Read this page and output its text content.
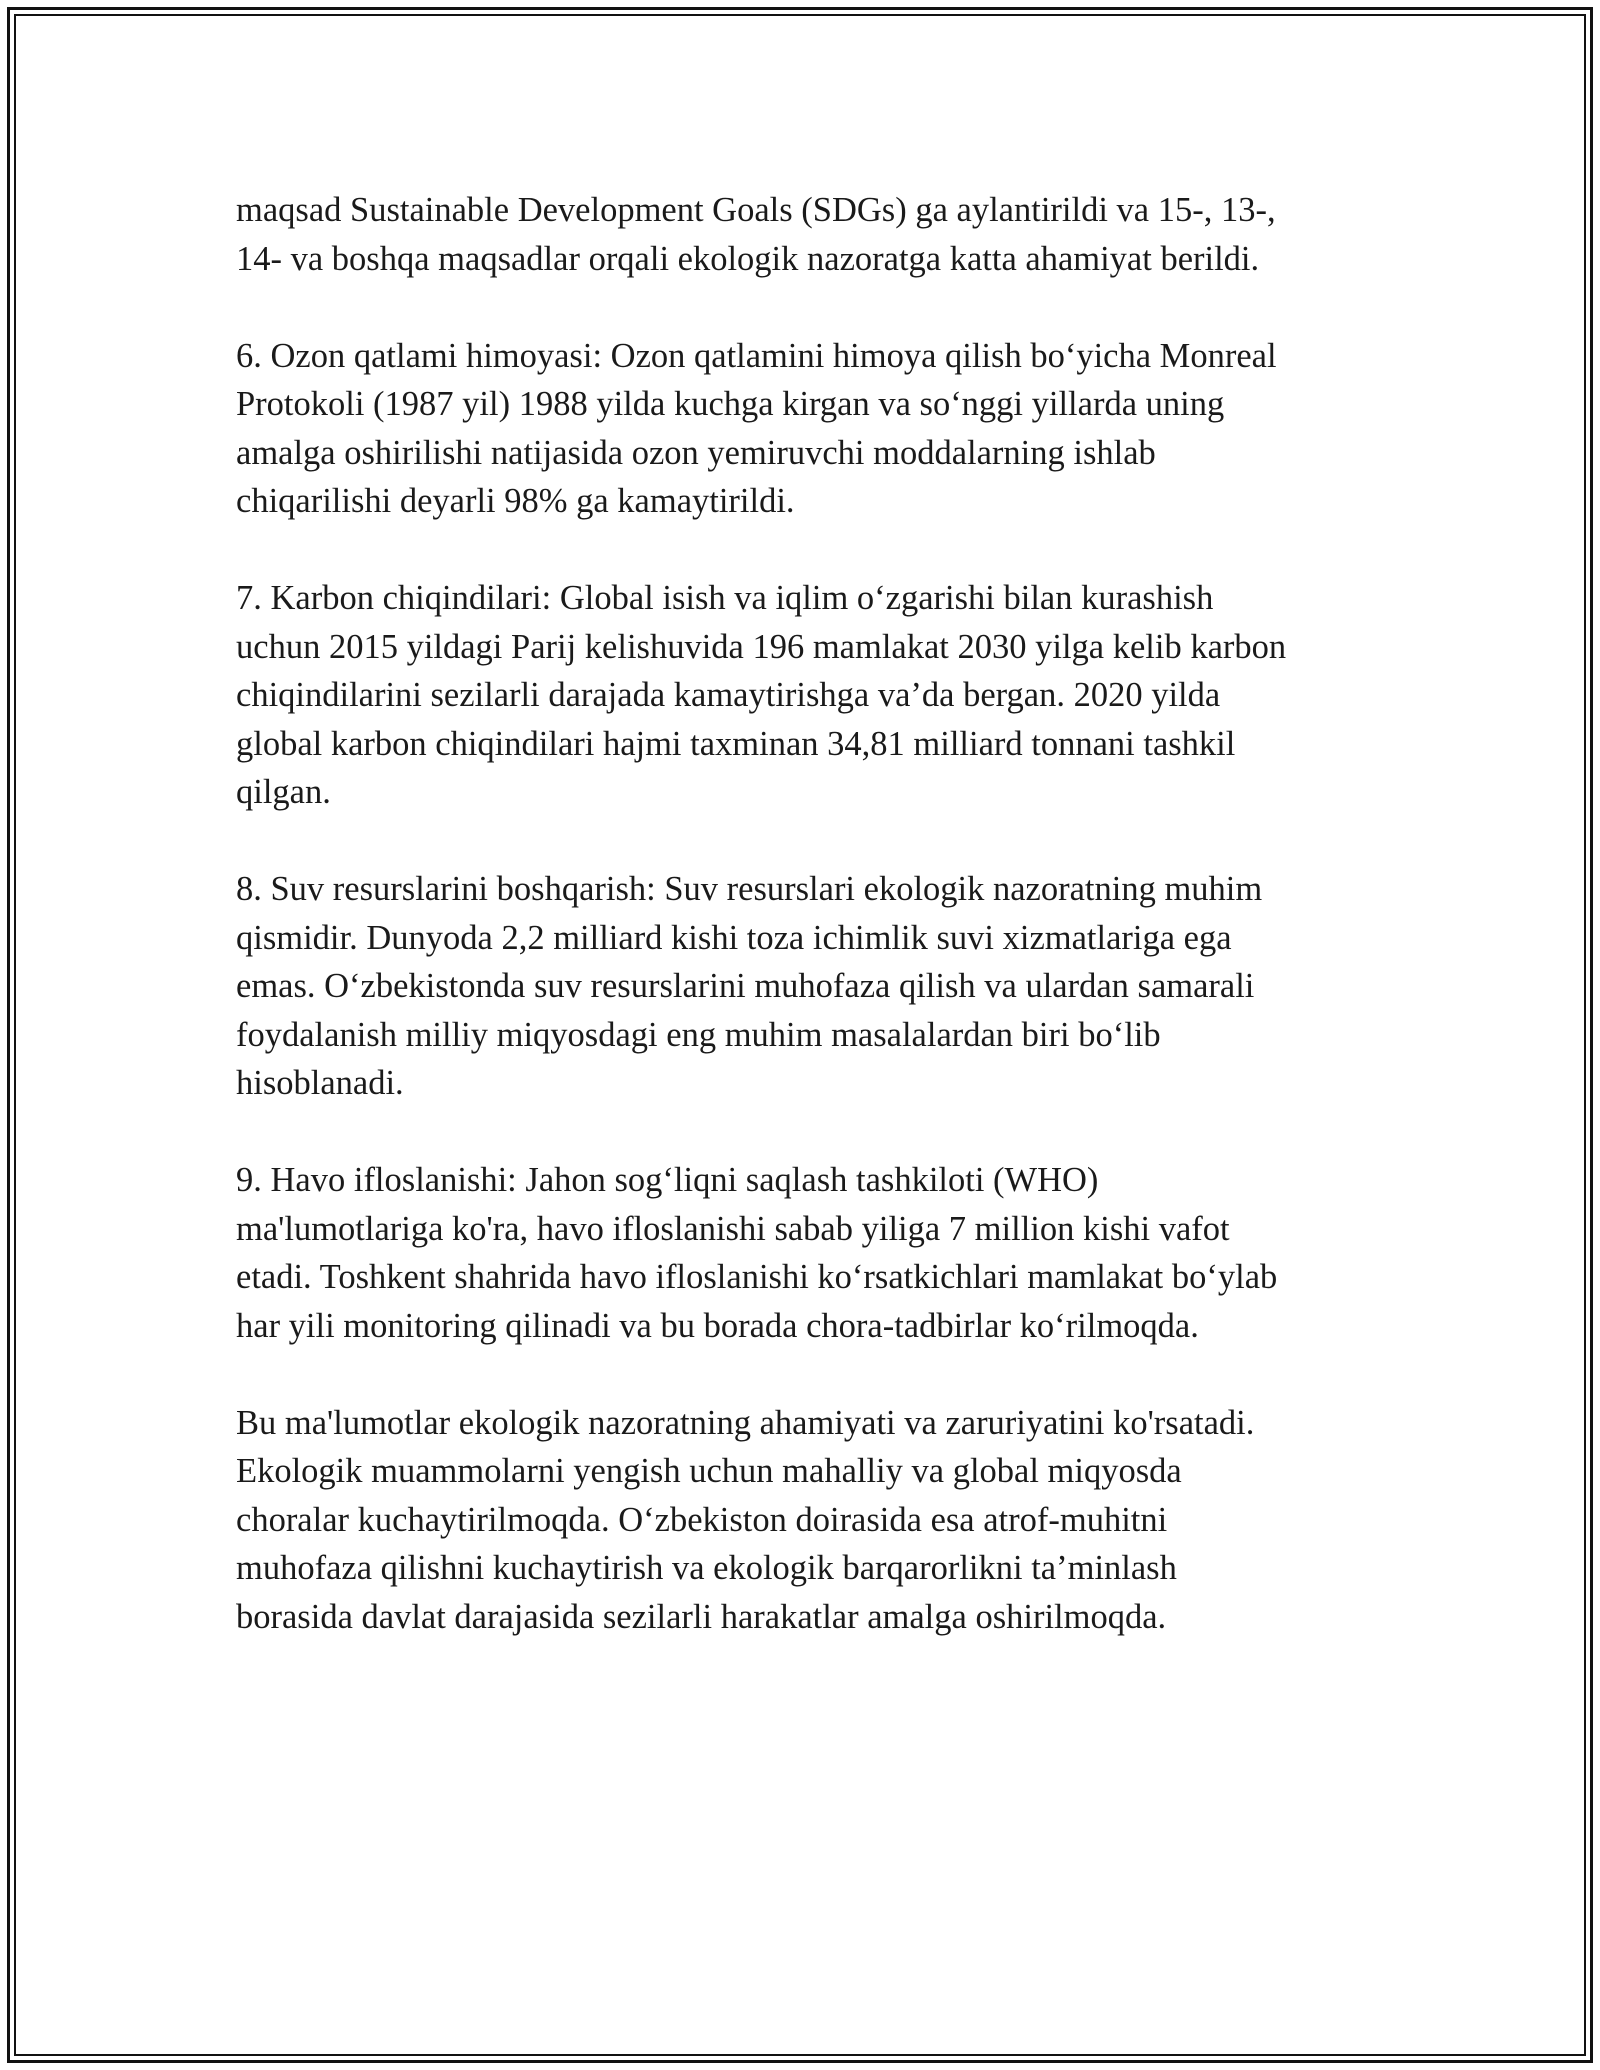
maqsad Sustainable Development Goals (SDGs) ga aylantirildi va 15-, 13-,
14- va boshqa maqsadlar orqali ekologik nazoratga katta ahamiyat berildi.

6. Ozon qatlami himoyasi: Ozon qatlamini himoya qilish bo‘yicha Monreal
Protokoli (1987 yil) 1988 yilda kuchga kirgan va so‘nggi yillarda uning
amalga oshirilishi natijasida ozon yemiruvchi moddalarning ishlab
chiqarilishi deyarli 98% ga kamaytirildi.

7. Karbon chiqindilari: Global isish va iqlim o‘zgarishi bilan kurashish
uchun 2015 yildagi Parij kelishuvida 196 mamlakat 2030 yilga kelib karbon
chiqindilarini sezilarli darajada kamaytirishga va’da bergan. 2020 yilda
global karbon chiqindilari hajmi taxminan 34,81 milliard tonnani tashkil
qilgan.

8. Suv resurslarini boshqarish: Suv resurslari ekologik nazoratning muhim
qismidir. Dunyoda 2,2 milliard kishi toza ichimlik suvi xizmatlariga ega
emas. O‘zbekistonda suv resurslarini muhofaza qilish va ulardan samarali
foydalanish milliy miqyosdagi eng muhim masalalardan biri bo‘lib
hisoblanadi.

9. Havo ifloslanishi: Jahon sog‘liqni saqlash tashkiloti (WHO)
ma'lumotlariga ko'ra, havo ifloslanishi sabab yiliga 7 million kishi vafot
etadi. Toshkent shahrida havo ifloslanishi ko‘rsatkichlari mamlakat bo‘ylab
har yili monitoring qilinadi va bu borada chora-tadbirlar ko‘rilmoqda.

Bu ma'lumotlar ekologik nazoratning ahamiyati va zaruriyatini ko'rsatadi.
Ekologik muammolarni yengish uchun mahalliy va global miqyosda
choralar kuchaytirilmoqda. O‘zbekiston doirasida esa atrof-muhitni
muhofaza qilishni kuchaytirish va ekologik barqarorlikni ta’minlash
borasida davlat darajasida sezilarli harakatlar amalga oshirilmoqda.
